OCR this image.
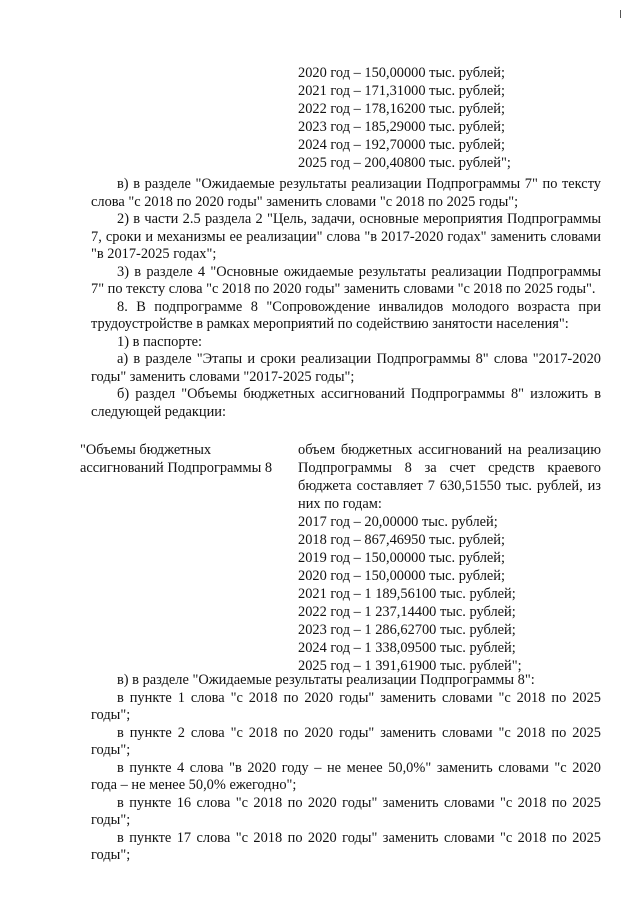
2020 год – 150,00000 тыс. рублей;
2021 год – 171,31000 тыс. рублей;
2022 год – 178,16200 тыс. рублей;
2023 год – 185,29000 тыс. рублей;
2024 год – 192,70000 тыс. рублей;
2025 год – 200,40800 тыс. рублей";

в) в разделе "Ожидаемые результаты реализации Подпрограммы 7" по тексту слова "с 2018 по 2020 годы" заменить словами "с 2018 по 2025 годы";

2) в части 2.5 раздела 2 "Цель, задачи, основные мероприятия Подпрограммы 7, сроки и механизмы ее реализации" слова "в 2017-2020 годах" заменить словами "в 2017-2025 годах";

3) в разделе 4 "Основные ожидаемые результаты реализации Подпрограммы 7" по тексту слова "с 2018 по 2020 годы" заменить словами "с 2018 по 2025 годы".

8. В подпрограмме 8 "Сопровождение инвалидов молодого возраста при трудоустройстве в рамках мероприятий по содействию занятости населения":

1) в паспорте:

а) в разделе "Этапы и сроки реализации Подпрограммы 8" слова "2017-2020 годы" заменить словами "2017-2025 годы";

б) раздел "Объемы бюджетных ассигнований Подпрограммы 8" изложить в следующей редакции:

"Объемы бюджетных ассигнований Подпрограммы 8
объем бюджетных ассигнований на реализацию Подпрограммы 8 за счет средств краевого бюджета составляет 7 630,51550 тыс. рублей, из них по годам:
2017 год – 20,00000 тыс. рублей;
2018 год – 867,46950 тыс. рублей;
2019 год – 150,00000 тыс. рублей;
2020 год – 150,00000 тыс. рублей;
2021 год – 1 189,56100 тыс. рублей;
2022 год – 1 237,14400 тыс. рублей;
2023 год – 1 286,62700 тыс. рублей;
2024 год – 1 338,09500 тыс. рублей;
2025 год – 1 391,61900 тыс. рублей";

в) в разделе "Ожидаемые результаты реализации Подпрограммы 8":

в пункте 1 слова "с 2018 по 2020 годы" заменить словами "с 2018 по 2025 годы";

в пункте 2 слова "с 2018 по 2020 годы" заменить словами "с 2018 по 2025 годы";

в пункте 4 слова "в 2020 году – не менее 50,0%" заменить словами "с 2020 года – не менее 50,0% ежегодно";

в пункте 16 слова "с 2018 по 2020 годы" заменить словами "с 2018 по 2025 годы";

в пункте 17 слова "с 2018 по 2020 годы" заменить словами "с 2018 по 2025 годы";
